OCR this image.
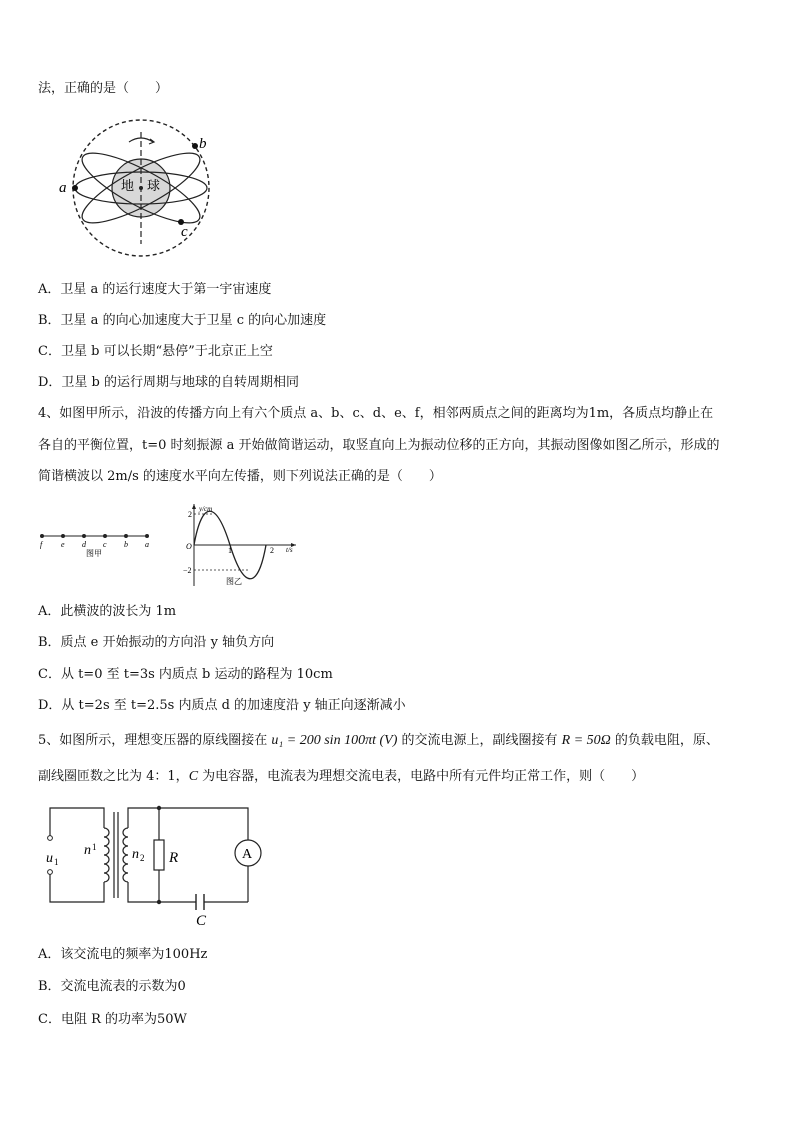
法，正确的是（　　）
地 球
a
b
c
A．卫星 a 的运行速度大于第一宇宙速度
B．卫星 a 的向心加速度大于卫星 c 的向心加速度
C．卫星 b 可以长期“悬停”于北京正上空
D．卫星 b 的运行周期与地球的自转周期相同
4、如图甲所示，沿波的传播方向上有六个质点 a、b、c、d、e、f，相邻两质点之间的距离均为1m，各质点均静止在
各自的平衡位置，t=0 时刻振源 a 开始做简谐运动，取竖直向上为振动位移的正方向，其振动图像如图乙所示，形成的
简谐横波以 2m/s 的速度水平向左传播，则下列说法正确的是（　　）
f e d c b a
图甲
y/cm
t/s
2
−2
O	1	2
图乙
A．此横波的波长为 1m
B．质点 e 开始振动的方向沿 y 轴负方向
C．从 t=0 至 t=3s 内质点 b 运动的路程为 10cm
D．从 t=2s 至 t=2.5s 内质点 d 的加速度沿 y 轴正向逐渐减小
5、如图所示，理想变压器的原线圈接在 u₁ = 200 sin 100πt (V) 的交流电源上，副线圈接有 R = 50Ω 的负载电阻，原、
副线圈匝数之比为 4：1，C 为电容器，电流表为理想交流电表，电路中所有元件均正常工作，则（　　）
A
u 1
n 1	n 2 R
C
A．该交流电的频率为100Hz
B．交流电流表的示数为0
C．电阻 R 的功率为50W
